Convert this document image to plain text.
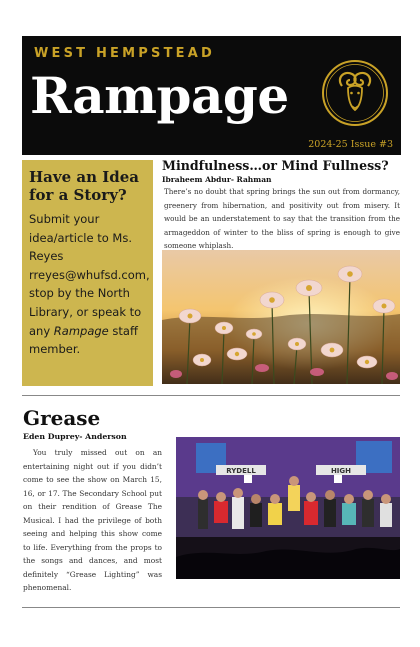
WEST HEMPSTEAD
Rampage
2024-25 Issue #3
Have an Idea for a Story?
Submit your idea/article to Ms. Reyes rreyes@whufsd.com, stop by the North Library, or speak to any Rampage staff member.
Mindfulness…or Mind Fullness?
Ibraheem Abdur- Rahman
There’s no doubt that spring brings the sun out from dormancy, greenery from hibernation, and positivity out from misery. It would be an understatement to say that the transition from the armageddon of winter to the bliss of spring is enough to give someone whiplash.
Grease
Eden Duprey- Anderson
You truly missed out on an entertaining night out if you didn’t come to see the show on March 15, 16, or 17. The Secondary School put on their rendition of Grease The Musical. I had the privilege of both seeing and helping this show come to life. Everything from the props to the songs and dances, and most definitely “Grease Lighting” was phenomenal.
RYDELL	HIGH
